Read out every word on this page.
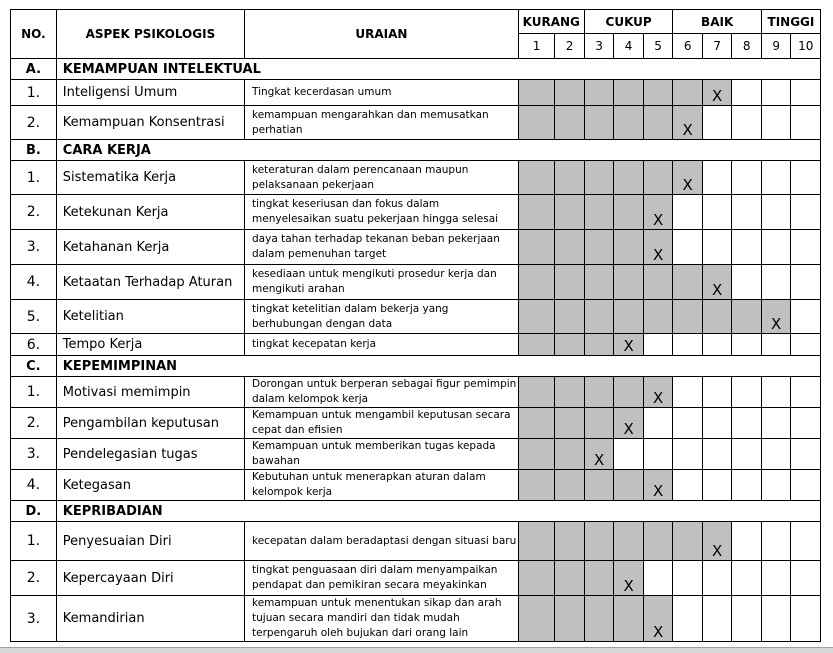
NO.	ASPEK PSIKOLOGIS	URAIAN	KURANG		CUKUP			BAIK			TINGGI	
			1	2	3	4	5	6	7	8	9	10
A.	KEMAMPUAN INTELEKTUAL											
1.	Inteligensi Umum	Tingkat kecerdasan umum							X			

2.	Kemampuan Konsentrasi	kemampuan mengarahkan dan memusatkan perhatian						X				

B.	CARA KERJA											
1.	Sistematika Kerja	keteraturan dalam perencanaan maupun pelaksanaan pekerjaan						X				

2.	Ketekunan Kerja	tingkat keseriusan dan fokus dalam menyelesaikan suatu pekerjaan hingga selesai					X					

3.	Ketahanan Kerja	daya tahan terhadap tekanan beban pekerjaan dalam pemenuhan target					X					

4.	Ketaatan Terhadap Aturan	kesediaan untuk mengikuti prosedur kerja dan mengikuti arahan							X			

5.	Ketelitian	tingkat ketelitian dalam bekerja yang berhubungan dengan data									X	

6.	Tempo Kerja	tingkat kecepatan kerja				X						

C.	KEPEMIMPINAN											
1.	Motivasi memimpin	Dorongan untuk berperan sebagai figur pemimpin dalam kelompok kerja					X					

2.	Pengambilan keputusan	Kemampuan untuk mengambil keputusan secara cepat dan efisien				X						

3.	Pendelegasian tugas	Kemampuan untuk memberikan tugas kepada bawahan			X							

4.	Ketegasan	Kebutuhan untuk menerapkan aturan dalam kelompok kerja					X					

D.	KEPRIBADIAN											
1.	Penyesuaian Diri	kecepatan dalam beradaptasi dengan situasi baru							X			

2.	Kepercayaan Diri	tingkat penguasaan diri dalam menyampaikan pendapat dan pemikiran secara meyakinkan				X						

3.	Kemandirian	kemampuan untuk menentukan sikap dan arah tujuan secara mandiri dan tidak mudah terpengaruh oleh bujukan dari orang lain					X					
